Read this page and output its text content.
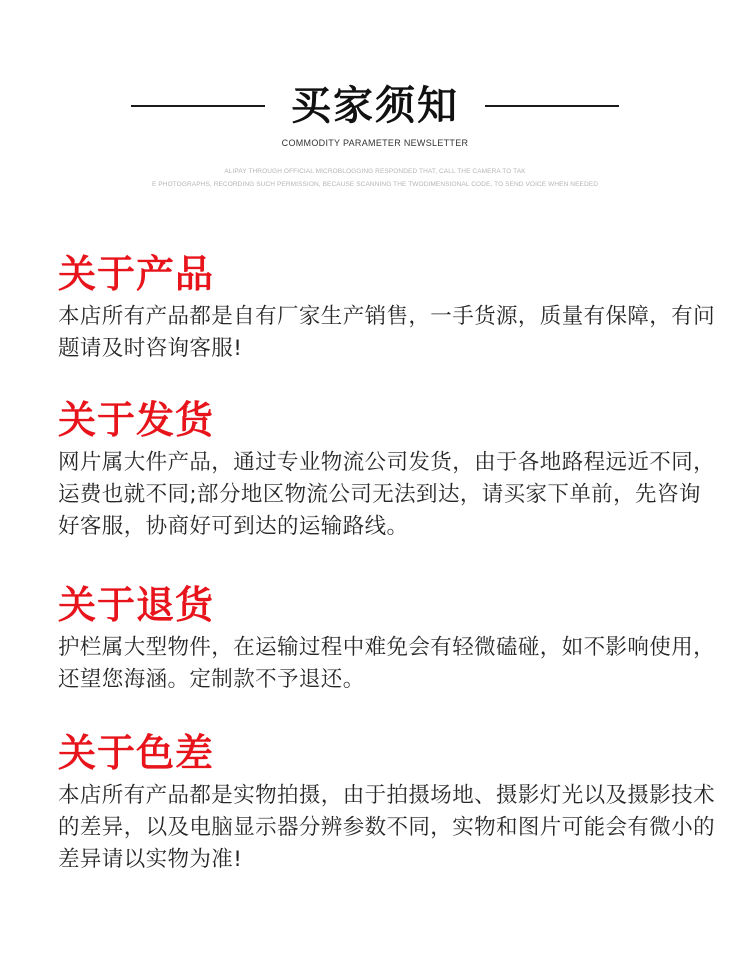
买家须知
COMMODITY PARAMETER NEWSLETTER
ALIPAY THROUGH OFFICIAL MICROBLOGGING RESPONDED THAT, CALL THE CAMERA TO TAK
E PHOTOGRAPHS, RECORDING SUCH PERMISSION, BECAUSE SCANNING THE TWODIMENSIONAL CODE, TO SEND VOICE WHEN NEEDED
关于产品

本店所有产品都是自有厂家生产销售，一手货源，质量有保障，有问题请及时咨询客服!

关于发货

网片属大件产品，通过专业物流公司发货，由于各地路程远近不同，运费也就不同;部分地区物流公司无法到达，请买家下单前，先咨询好客服，协商好可到达的运输路线。

关于退货

护栏属大型物件，在运输过程中难免会有轻微磕碰，如不影响使用，还望您海涵。定制款不予退还。

关于色差

本店所有产品都是实物拍摄，由于拍摄场地、摄影灯光以及摄影技术的差异，以及电脑显示器分辨参数不同，实物和图片可能会有微小的差异请以实物为准!
